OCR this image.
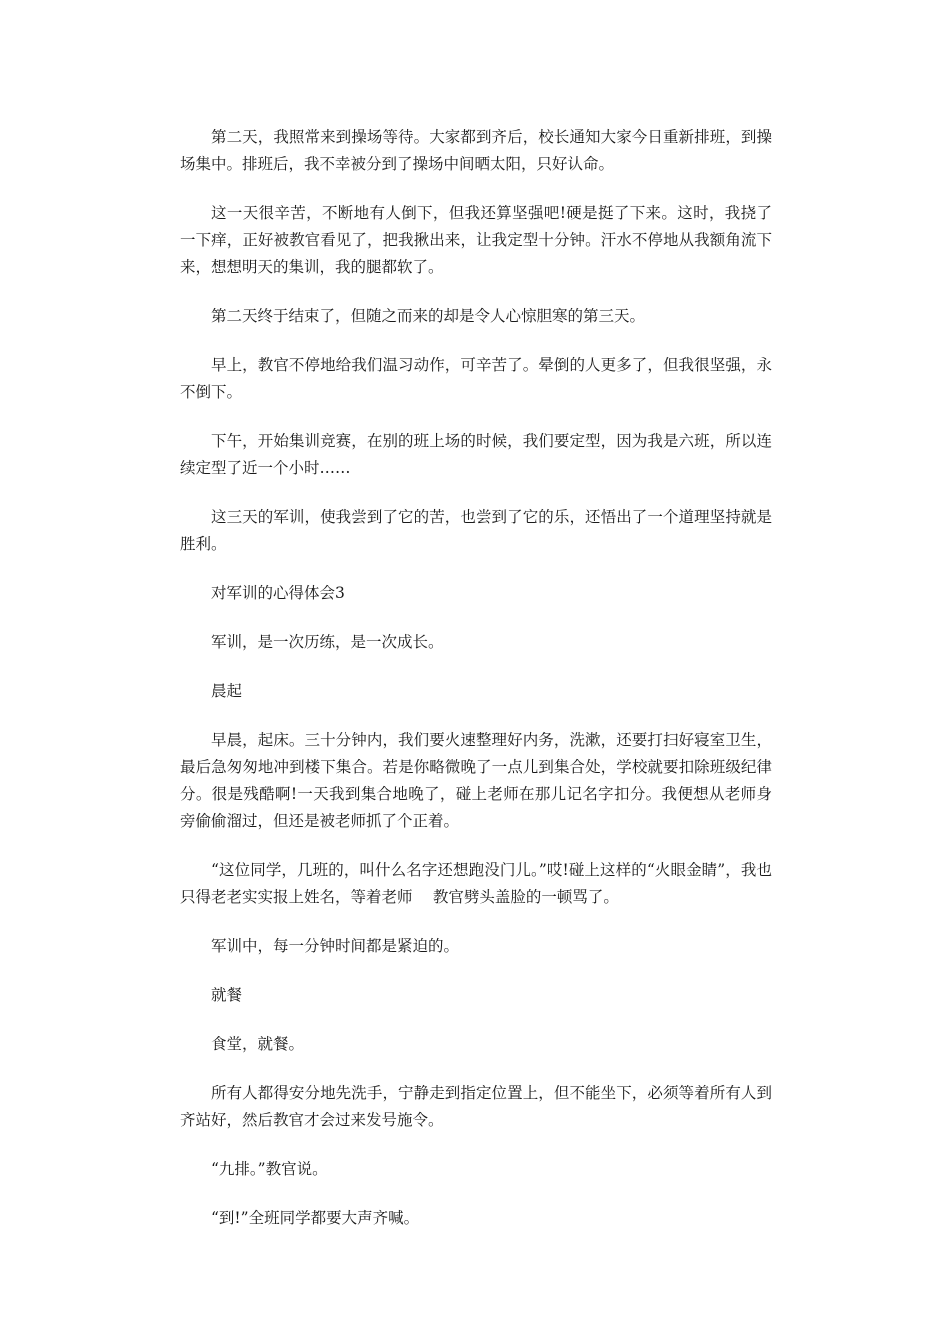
第二天，我照常来到操场等待。大家都到齐后，校长通知大家今日重新排班，到操场集中。排班后，我不幸被分到了操场中间晒太阳，只好认命。

这一天很辛苦，不断地有人倒下，但我还算坚强吧!硬是挺了下来。这时，我挠了一下痒，正好被教官看见了，把我揪出来，让我定型十分钟。汗水不停地从我额角流下来，想想明天的集训，我的腿都软了。

第二天终于结束了，但随之而来的却是令人心惊胆寒的第三天。

早上，教官不停地给我们温习动作，可辛苦了。晕倒的人更多了，但我很坚强，永不倒下。

下午，开始集训竞赛，在别的班上场的时候，我们要定型，因为我是六班，所以连续定型了近一个小时……

这三天的军训，使我尝到了它的苦，也尝到了它的乐，还悟出了一个道理坚持就是胜利。

对军训的心得体会3

军训，是一次历练，是一次成长。

晨起

早晨，起床。三十分钟内，我们要火速整理好内务，洗漱，还要打扫好寝室卫生，最后急匆匆地冲到楼下集合。若是你略微晚了一点儿到集合处，学校就要扣除班级纪律分。很是残酷啊!一天我到集合地晚了，碰上老师在那儿记名字扣分。我便想从老师身旁偷偷溜过，但还是被老师抓了个正着。

“这位同学，几班的，叫什么名字还想跑没门儿。”哎!碰上这样的“火眼金睛”，我也只得老老实实报上姓名，等着老师　 教官劈头盖脸的一顿骂了。

军训中，每一分钟时间都是紧迫的。

就餐

食堂，就餐。

所有人都得安分地先洗手，宁静走到指定位置上，但不能坐下，必须等着所有人到齐站好，然后教官才会过来发号施令。

“九排。”教官说。

“到!”全班同学都要大声齐喊。
